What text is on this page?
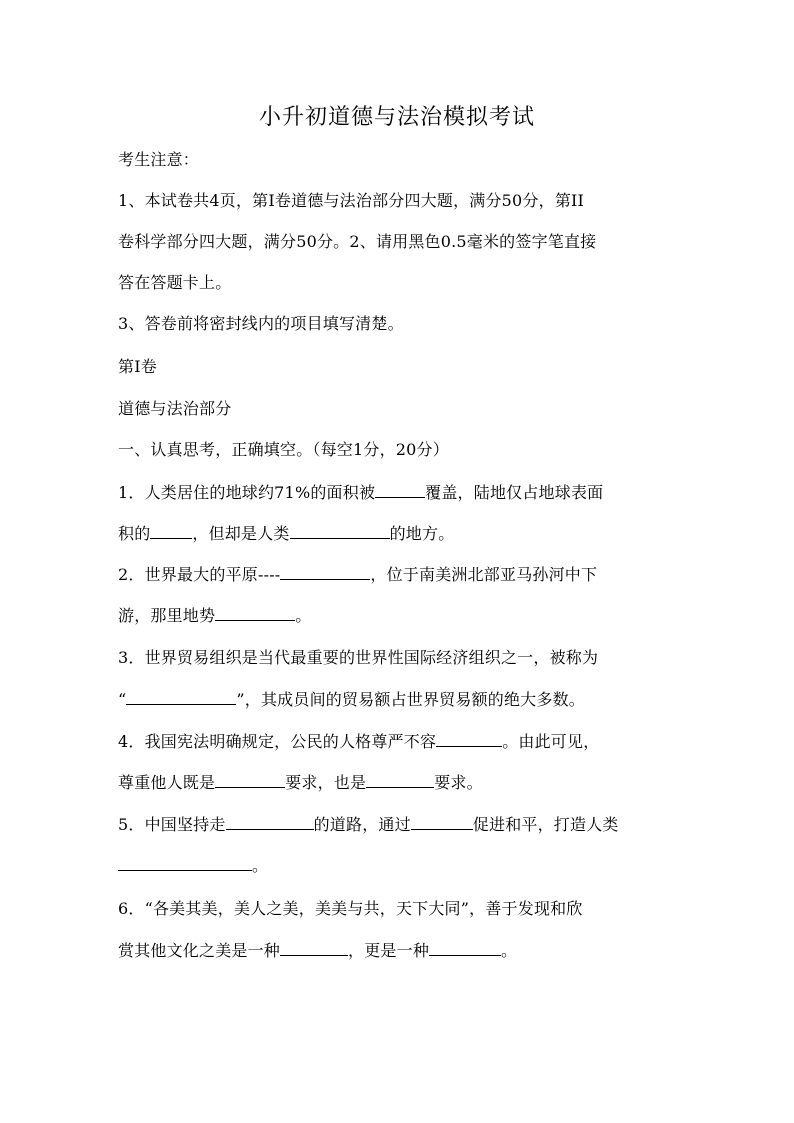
小升初道德与法治模拟考试
考生注意：
1、本试卷共4页，第I卷道德与法治部分四大题，满分50分，第II
卷科学部分四大题，满分50分。2、请用黑色0.5毫米的签字笔直接
答在答题卡上。
3、答卷前将密封线内的项目填写清楚。
第I卷
道德与法治部分
一、认真思考，正确填空。（每空1分，20分）
1．人类居住的地球约71%的面积被	覆盖，陆地仅占地球表面
积的	，但却是人类	的地方。
2．世界最大的平原----	，位于南美洲北部亚马孙河中下
游，那里地势	。
3．世界贸易组织是当代最重要的世界性国际经济组织之一，被称为
“	”，其成员间的贸易额占世界贸易额的绝大多数。
4．我国宪法明确规定，公民的人格尊严不容	。由此可见，
尊重他人既是	要求，也是	要求。
5．中国坚持走	的道路，通过	促进和平，打造人类
。
6．“各美其美，美人之美，美美与共，天下大同”，善于发现和欣
赏其他文化之美是一种	，更是一种	。
